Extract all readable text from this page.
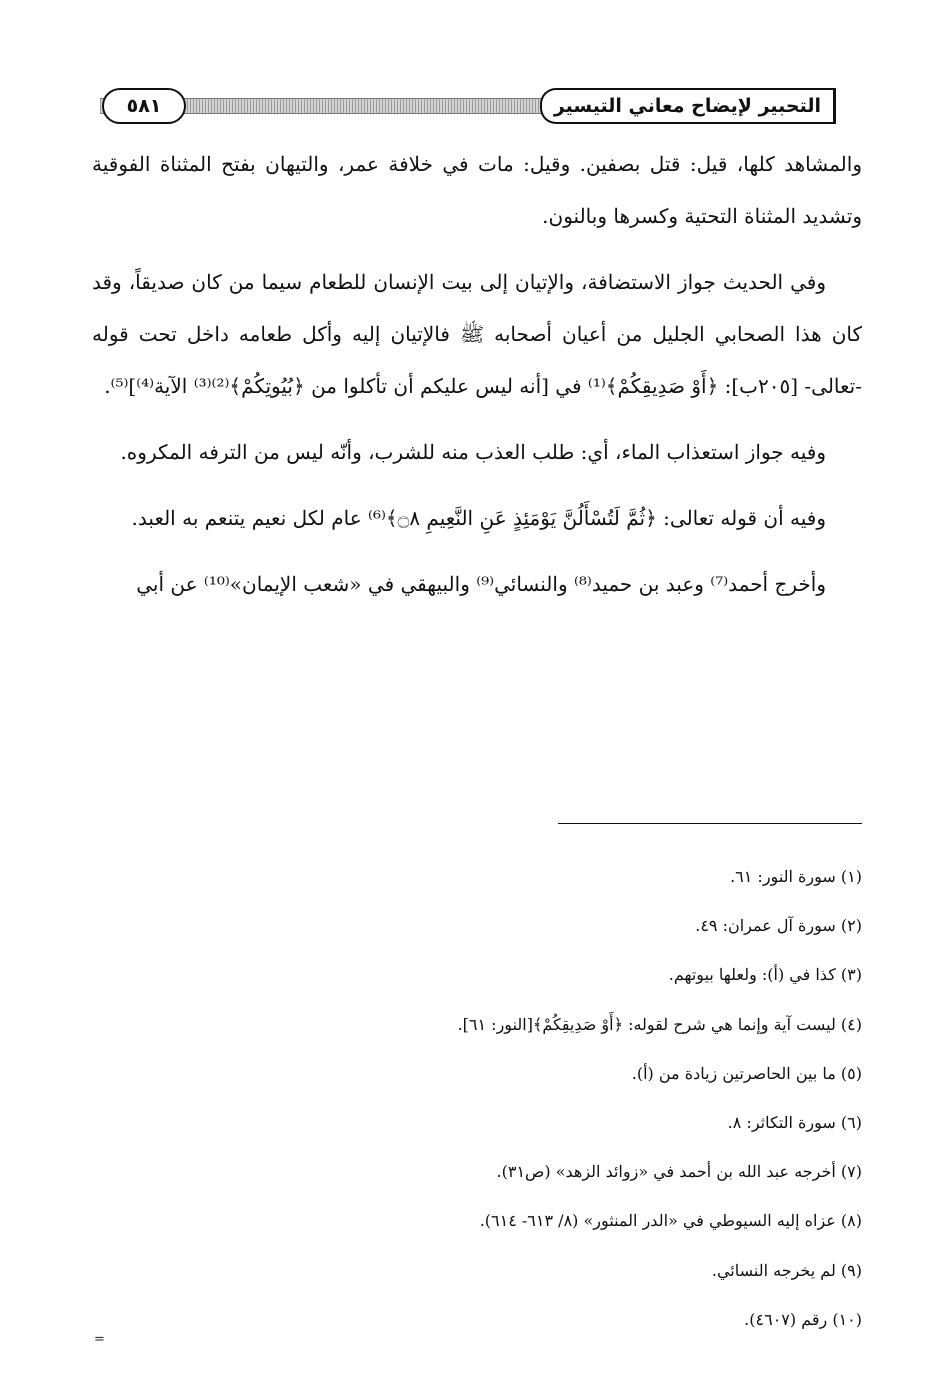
٥٨١	التحبير لإيضاح معاني التيسير

والمشاهد كلها، قيل: قتل بصفين. وقيل: مات في خلافة عمر، والتيهان بفتح المثناة الفوقية وتشديد المثناة التحتية وكسرها وبالنون.

وفي الحديث جواز الاستضافة، والإتيان إلى بيت الإنسان للطعام سيما من كان صديقاً، وقد كان هذا الصحابي الجليل من أعيان أصحابه ﷺ فالإتيان إليه وأكل طعامه داخل تحت قوله -تعالى- [٢٠٥ب]: ﴿أَوْ صَدِيقِكُمْ﴾⁽¹⁾ في [أنه ليس عليكم أن تأكلوا من ﴿بُيُوتِكُمْ﴾⁽²⁾⁽³⁾ الآية⁽⁴⁾]⁽⁵⁾.

وفيه جواز استعذاب الماء، أي: طلب العذب منه للشرب، وأنّه ليس من الترفه المكروه.

وفيه أن قوله تعالى: ﴿ثُمَّ لَتُسْأَلُنَّ يَوْمَئِذٍ عَنِ النَّعِيمِ ۝٨﴾⁽⁶⁾ عام لكل نعيم يتنعم به العبد.

وأخرج أحمد⁽⁷⁾ وعبد بن حميد⁽⁸⁾ والنسائي⁽⁹⁾ والبيهقي في «شعب الإيمان»⁽¹⁰⁾ عن أبي

(١) سورة النور: ٦١.
(٢) سورة آل عمران: ٤٩.
(٣) كذا في (أ): ولعلها بيوتهم.
(٤) ليست آية وإنما هي شرح لقوله: ﴿أَوْ صَدِيقِكُمْ﴾[النور: ٦١].
(٥) ما بين الحاصرتين زيادة من (أ).
(٦) سورة التكاثر: ٨.
(٧) أخرجه عبد الله بن أحمد في «زوائد الزهد» (ص٣١).
(٨) عزاه إليه السيوطي في «الدر المنثور» (٨/ ٦١٣- ٦١٤).
(٩) لم يخرجه النسائي.
(١٠) رقم (٤٦٠٧).
=
